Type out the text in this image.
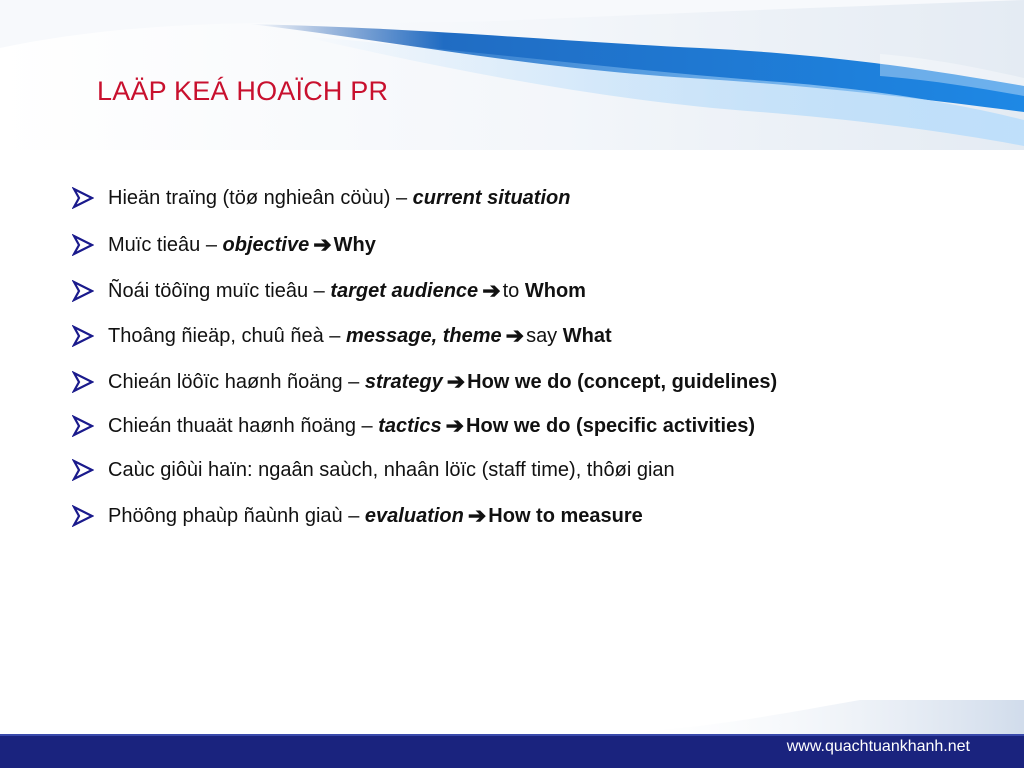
LAÄP KEÁ HOAÏCH PR
Hieän traïng (töø nghieân cöùu) –
current situation
Muïc tieâu –
objective ➔ Why
Ñoái töôïng muïc tieâu –
target audience ➔ to
Whom
Thoâng ñieäp, chuû ñeà –
message, theme ➔ say
What
Chieán löôïc haønh ñoäng –
strategy ➔ How we do (concept, guidelines)
Chieán thuaät haønh ñoäng –
tactics ➔ How we do (specific activities)
Caùc giôùi haïn: ngaân saùch, nhaân löïc (staff time), thôøi gian
Phöông phaùp ñaùnh giaù –
evaluation ➔ How to measure
www.quachtuankhanh.net
